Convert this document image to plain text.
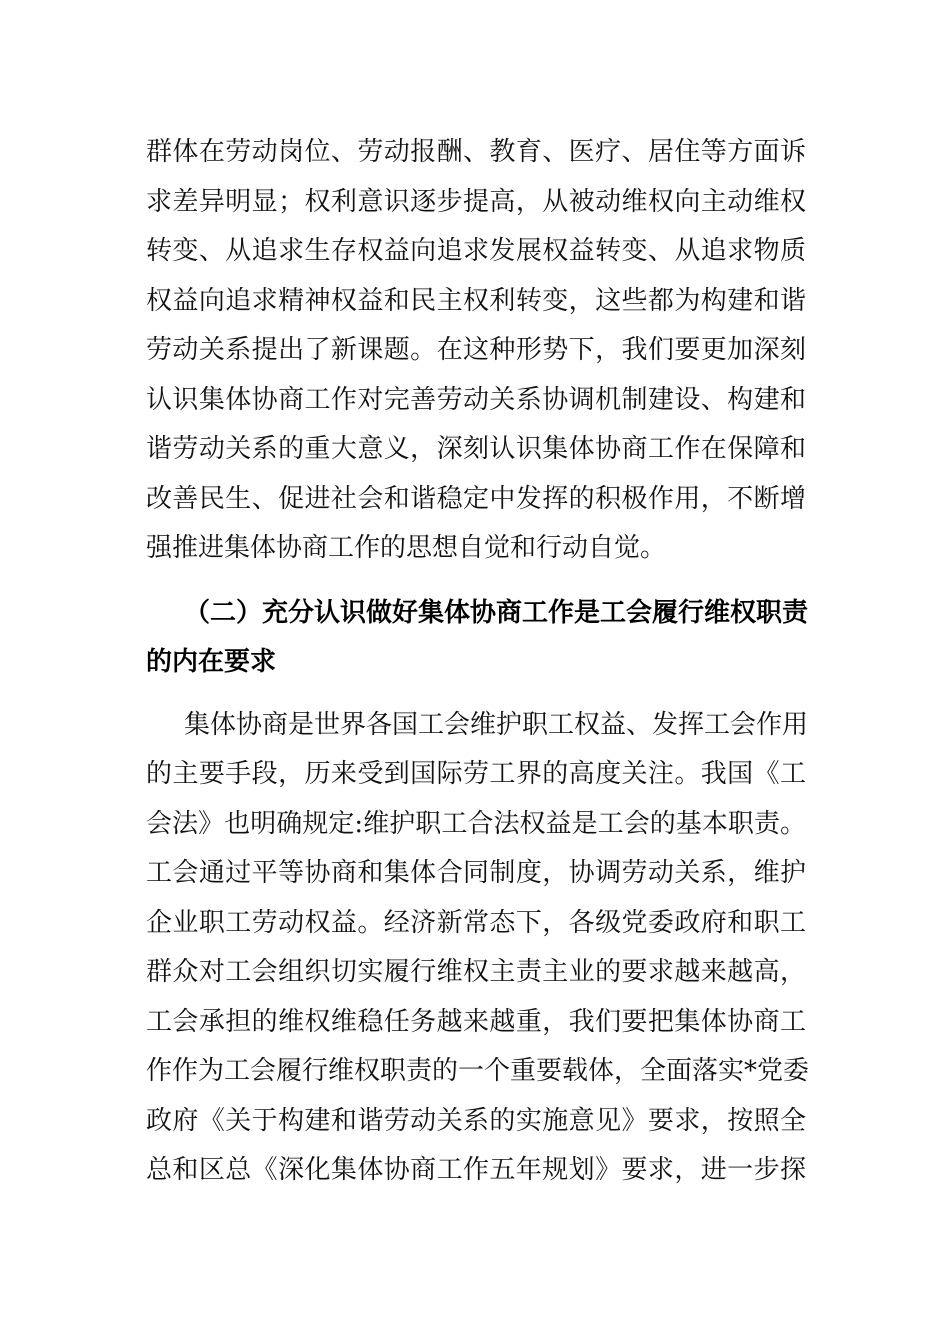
群体在劳动岗位、劳动报酬、教育、医疗、居住等方面诉
求差异明显；权利意识逐步提高，从被动维权向主动维权
转变、从追求生存权益向追求发展权益转变、从追求物质
权益向追求精神权益和民主权利转变，这些都为构建和谐
劳动关系提出了新课题。在这种形势下，我们要更加深刻
认识集体协商工作对完善劳动关系协调机制建设、构建和
谐劳动关系的重大意义，深刻认识集体协商工作在保障和
改善民生、促进社会和谐稳定中发挥的积极作用，不断增
强推进集体协商工作的思想自觉和行动自觉。
（二）充分认识做好集体协商工作是工会履行维权职责
的内在要求
集体协商是世界各国工会维护职工权益、发挥工会作用
的主要手段，历来受到国际劳工界的高度关注。我国《工
会法》也明确规定:维护职工合法权益是工会的基本职责。
工会通过平等协商和集体合同制度，协调劳动关系，维护
企业职工劳动权益。经济新常态下，各级党委政府和职工
群众对工会组织切实履行维权主责主业的要求越来越高，
工会承担的维权维稳任务越来越重，我们要把集体协商工
作作为工会履行维权职责的一个重要载体，全面落实*党委
政府《关于构建和谐劳动关系的实施意见》要求，按照全
总和区总《深化集体协商工作五年规划》要求，进一步探
